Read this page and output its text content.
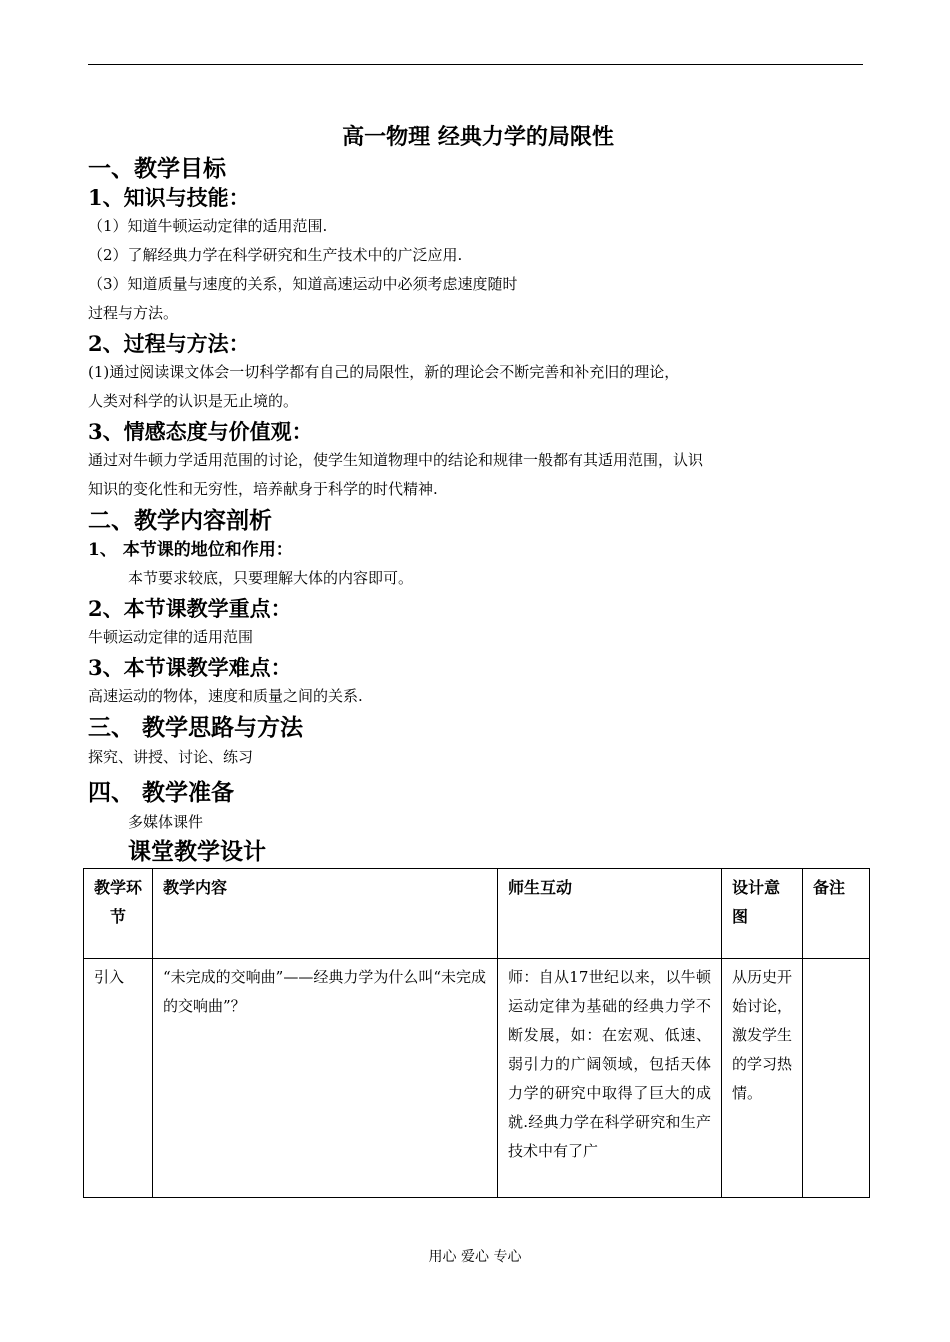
高一物理 经典力学的局限性

一、教学目标

1、知识与技能：

（1）知道牛顿运动定律的适用范围.

（2）了解经典力学在科学研究和生产技术中的广泛应用.

（3）知道质量与速度的关系，知道高速运动中必须考虑速度随时

过程与方法。

2、过程与方法：

(1)通过阅读课文体会一切科学都有自己的局限性，新的理论会不断完善和补充旧的理论，

人类对科学的认识是无止境的。

3、情感态度与价值观：

通过对牛顿力学适用范围的讨论，使学生知道物理中的结论和规律一般都有其适用范围，认识

知识的变化性和无穷性，培养献身于科学的时代精神.

二、教学内容剖析

1、 本节课的地位和作用：

本节要求较底，只要理解大体的内容即可。

2、本节课教学重点：

牛顿运动定律的适用范围

3、本节课教学难点：

高速运动的物体，速度和质量之间的关系.

三、 教学思路与方法

探究、讲授、讨论、练习

四、 教学准备

多媒体课件

课堂教学设计

教学环节	教学内容	师生互动	设计意图	备注
引入	“未完成的交响曲”——经典力学为什么叫“未完成的交响曲”？	师：自从17世纪以来，以牛顿运动定律为基础的经典力学不断发展，如：在宏观、低速、弱引力的广阔领域，包括天体力学的研究中取得了巨大的成就.经典力学在科学研究和生产技术中有了广	从历史开始讨论，激发学生的学习热情。	
用心 爱心 专心
